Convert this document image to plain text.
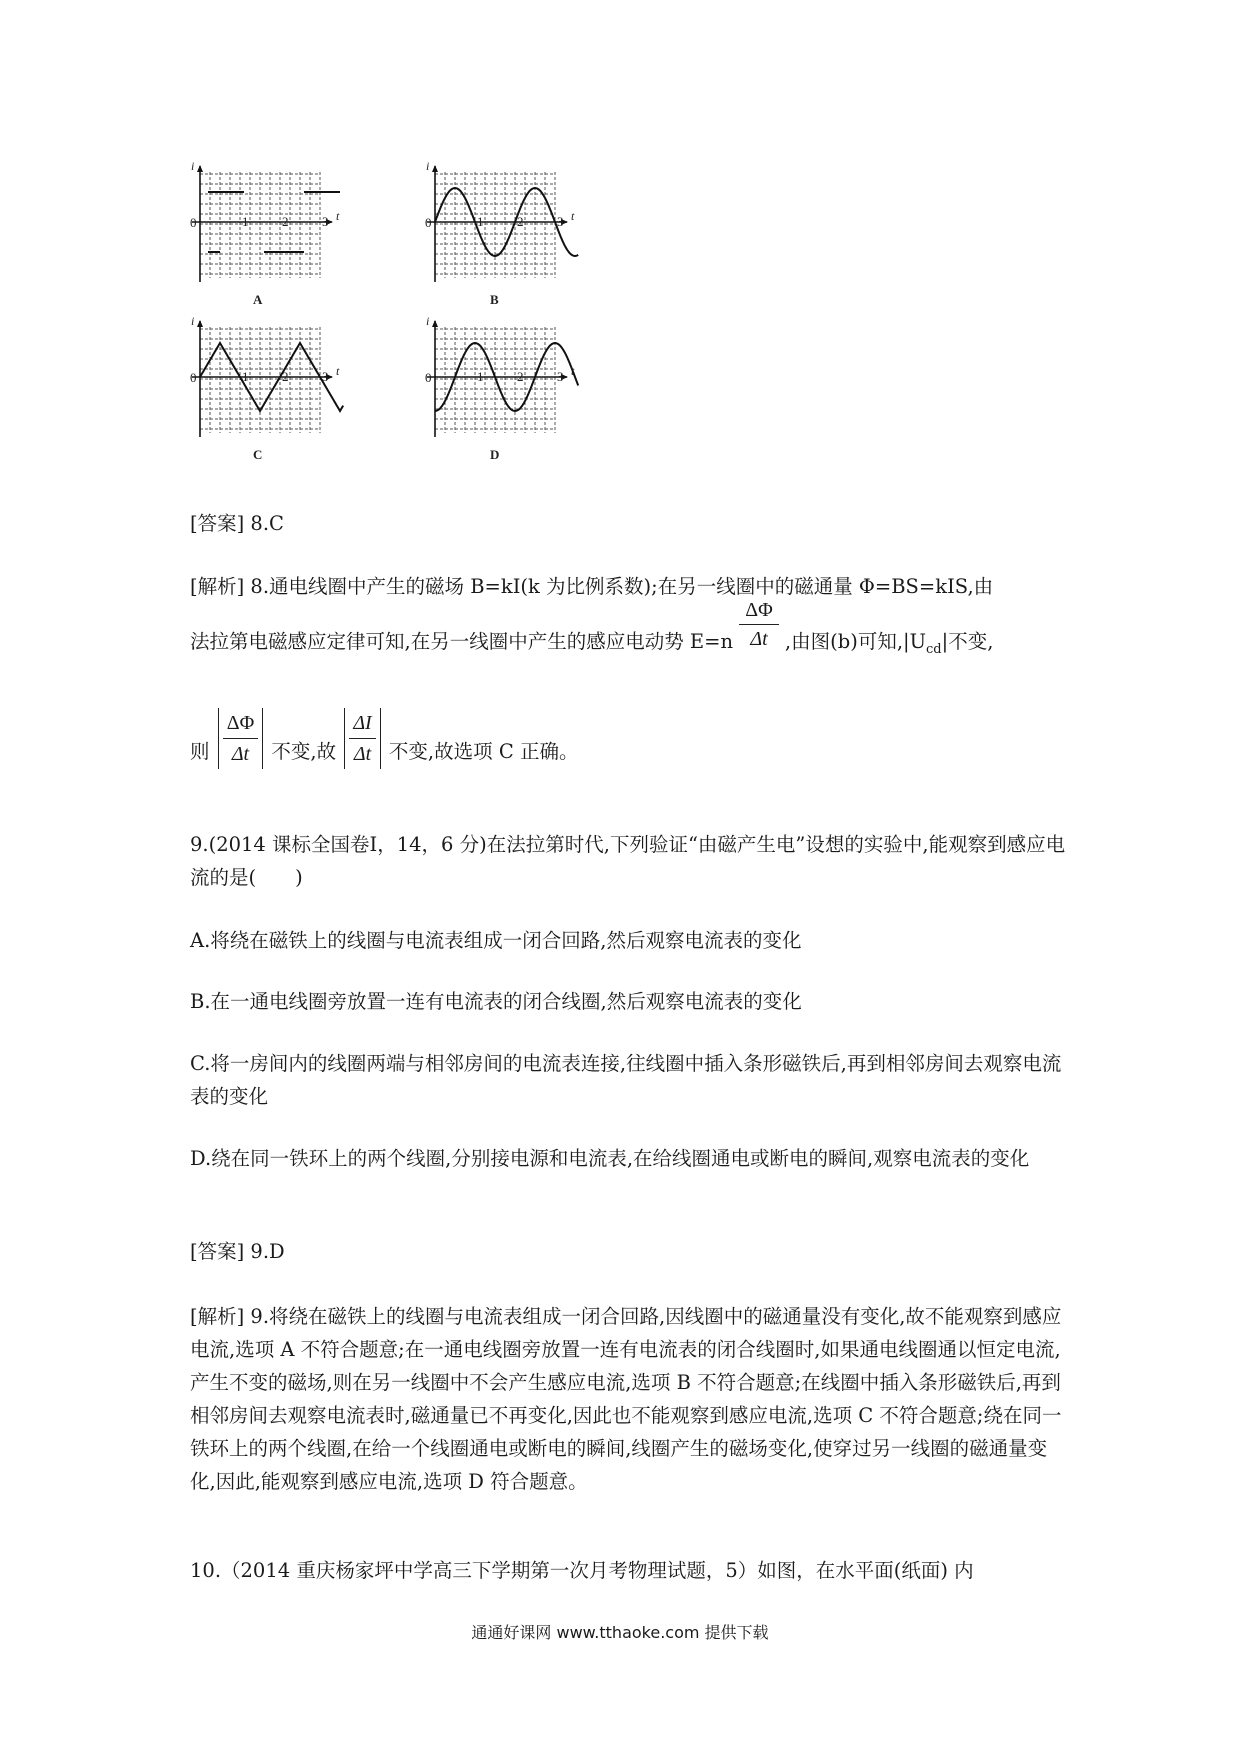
i
t
0	1	2	3
A
i
t
0	1	2	3
B
i
t
0	1	2	3
C
i
t
0	1	2	3
D
[答案] 8.C
[解析] 8.通电线圈中产生的磁场 B=kI(k 为比例系数);在另一线圈中的磁通量 Φ=BS=kIS,由
法拉第电磁感应定律可知,在另一线圈中产生的感应电动势 $E=n \frac{\Delta\Phi}{\Delta t}$ ,由图(b)可知$,|U_{cd}|$不变,
则 $\frac{\Delta\Phi}{\Delta t}$ 不变,故 $\frac{\Delta I}{\Delta t}$ 不变,故选项 C 正确。
9.(2014 课标全国卷Ⅰ，14，6 分)在法拉第时代,下列验证“由磁产生电”设想的实验中,能观察到感应电流的是(　　)
A.将绕在磁铁上的线圈与电流表组成一闭合回路,然后观察电流表的变化
B.在一通电线圈旁放置一连有电流表的闭合线圈,然后观察电流表的变化
C.将一房间内的线圈两端与相邻房间的电流表连接,往线圈中插入条形磁铁后,再到相邻房间去观察电流表的变化
D.绕在同一铁环上的两个线圈,分别接电源和电流表,在给线圈通电或断电的瞬间,观察电流表的变化
[答案] 9.D
[解析] 9.将绕在磁铁上的线圈与电流表组成一闭合回路,因线圈中的磁通量没有变化,故不能观察到感应电流,选项 A 不符合题意;在一通电线圈旁放置一连有电流表的闭合线圈时,如果通电线圈通以恒定电流,产生不变的磁场,则在另一线圈中不会产生感应电流,选项 B 不符合题意;在线圈中插入条形磁铁后,再到相邻房间去观察电流表时,磁通量已不再变化,因此也不能观察到感应电流,选项 C 不符合题意;绕在同一铁环上的两个线圈,在给一个线圈通电或断电的瞬间,线圈产生的磁场变化,使穿过另一线圈的磁通量变化,因此,能观察到感应电流,选项 D 符合题意。
10.（2014 重庆杨家坪中学高三下学期第一次月考物理试题，5）如图，在水平面(纸面) 内
通通好课网 www.tthaoke.com 提供下载
